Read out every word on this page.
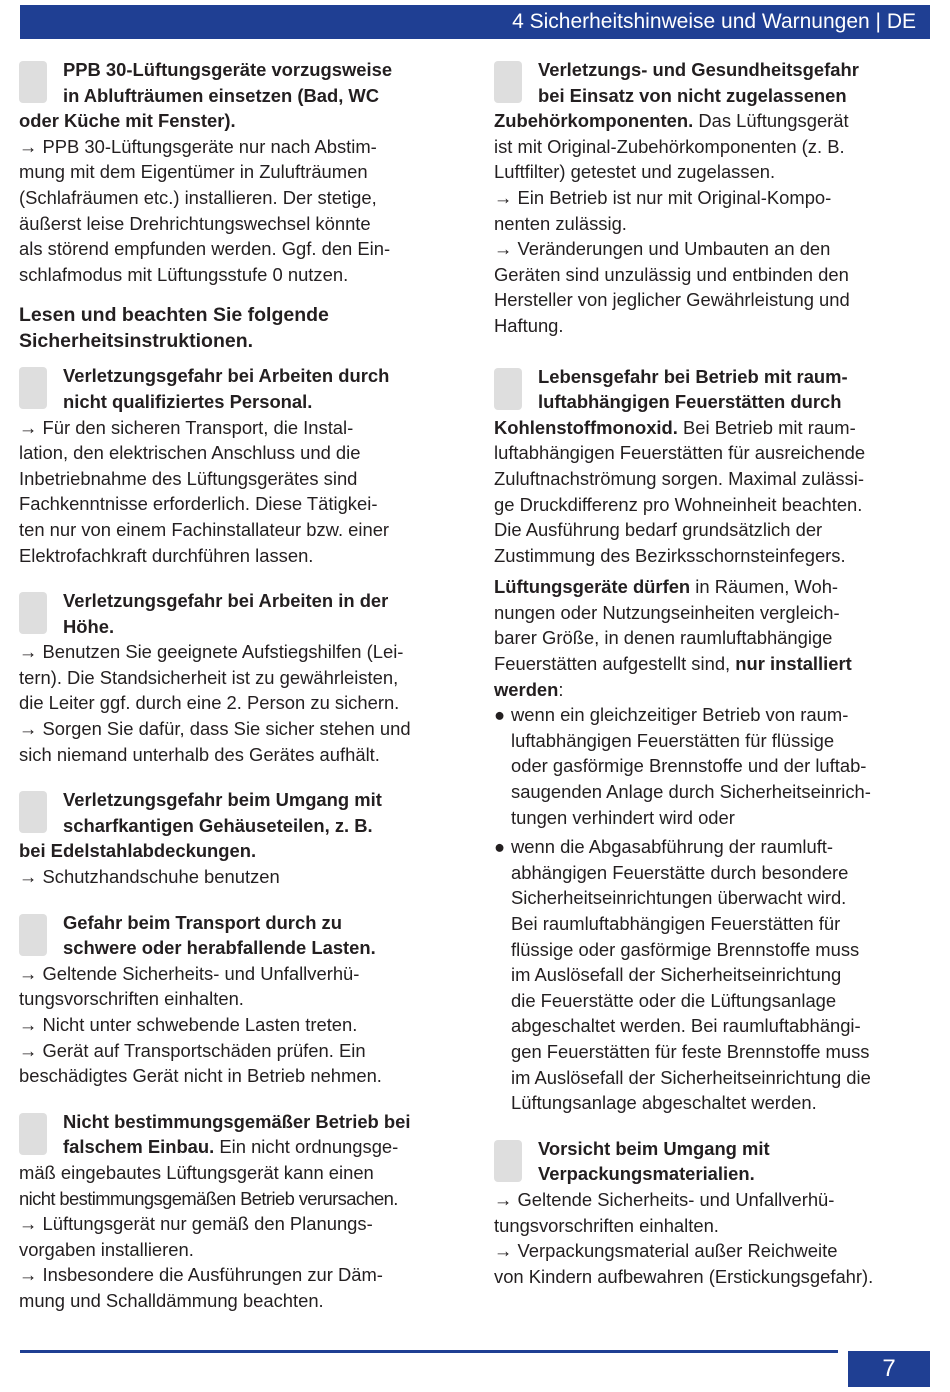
4 Sicherheitshinweise und Warnungen | DE

PPB 30-Lüftungsgeräte vorzugsweise
in Ablufträumen einsetzen (Bad, WC
oder Küche mit Fenster).

→ PPB 30-Lüftungsgeräte nur nach Abstim-
mung mit dem Eigentümer in Zulufträumen
(Schlafräumen etc.) installieren. Der stetige,
äußerst leise Drehrichtungswechsel könnte
als störend empfunden werden. Ggf. den Ein-
schlafmodus mit Lüftungsstufe 0 nutzen.

Lesen und beachten Sie folgende
Sicherheitsinstruktionen.

Verletzungsgefahr bei Arbeiten durch
nicht qualifiziertes Personal.

→ Für den sicheren Transport, die Instal-
lation, den elektrischen Anschluss und die
Inbetriebnahme des Lüftungsgerätes sind
Fachkenntnisse erforderlich. Diese Tätigkei-
ten nur von einem Fachinstallateur bzw. einer
Elektrofachkraft durchführen lassen.

Verletzungsgefahr bei Arbeiten in der
Höhe.

→ Benutzen Sie geeignete Aufstiegshilfen (Lei-
tern). Die Standsicherheit ist zu gewährleisten,
die Leiter ggf. durch eine 2. Person zu sichern.
→ Sorgen Sie dafür, dass Sie sicher stehen und
sich niemand unterhalb des Gerätes aufhält.

Verletzungsgefahr beim Umgang mit
scharfkantigen Gehäuseteilen, z. B.
bei Edelstahlabdeckungen.

→ Schutzhandschuhe benutzen

Gefahr beim Transport durch zu
schwere oder herabfallende Lasten.

→ Geltende Sicherheits- und Unfallverhü-
tungsvorschriften einhalten.
→ Nicht unter schwebende Lasten treten.
→ Gerät auf Transportschäden prüfen. Ein
beschädigtes Gerät nicht in Betrieb nehmen.

Nicht bestimmungsgemäßer Betrieb bei
falschem Einbau. Ein nicht ordnungsge-

mäß eingebautes Lüftungsgerät kann einen
nicht bestimmungsgemäßen Betrieb verursachen.
→ Lüftungsgerät nur gemäß den Planungs-
vorgaben installieren.
→ Insbesondere die Ausführungen zur Däm-
mung und Schalldämmung beachten.

Verletzungs- und Gesundheitsgefahr
bei Einsatz von nicht zugelassenen
Zubehörkomponenten. Das Lüftungsgerät

ist mit Original-Zubehörkomponenten (z. B.
Luftfilter) getestet und zugelassen.
→ Ein Betrieb ist nur mit Original-Kompo-
nenten zulässig.
→ Veränderungen und Umbauten an den
Geräten sind unzulässig und entbinden den
Hersteller von jeglicher Gewährleistung und
Haftung.

Lebensgefahr bei Betrieb mit raum-
luftabhängigen Feuerstätten durch
Kohlenstoffmonoxid. Bei Betrieb mit raum-

luftabhängigen Feuerstätten für ausreichende
Zuluftnachströmung sorgen. Maximal zulässi-
ge Druckdifferenz pro Wohneinheit beachten.
Die Ausführung bedarf grundsätzlich der
Zustimmung des Bezirksschornsteinfegers.

Lüftungsgeräte dürfen in Räumen, Woh-
nungen oder Nutzungseinheiten vergleich-
barer Größe, in denen raumluftabhängige
Feuerstätten aufgestellt sind, nur installiert
werden:

● wenn ein gleichzeitiger Betrieb von raum-
luftabhängigen Feuerstätten für flüssige
oder gasförmige Brennstoffe und der luftab-
saugenden Anlage durch Sicherheitseinrich-
tungen verhindert wird oder
● wenn die Abgasabführung der raumluft-
abhängigen Feuerstätte durch besondere
Sicherheitseinrichtungen überwacht wird.
Bei raumluftabhängigen Feuerstätten für
flüssige oder gasförmige Brennstoffe muss
im Auslösefall der Sicherheitseinrichtung
die Feuerstätte oder die Lüftungsanlage
abgeschaltet werden. Bei raumluftabhängi-
gen Feuerstätten für feste Brennstoffe muss
im Auslösefall der Sicherheitseinrichtung die
Lüftungsanlage abgeschaltet werden.

Vorsicht beim Umgang mit
Verpackungsmaterialien.

→ Geltende Sicherheits- und Unfallverhü-
tungsvorschriften einhalten.
→ Verpackungsmaterial außer Reichweite
von Kindern aufbewahren (Erstickungsgefahr).

7
